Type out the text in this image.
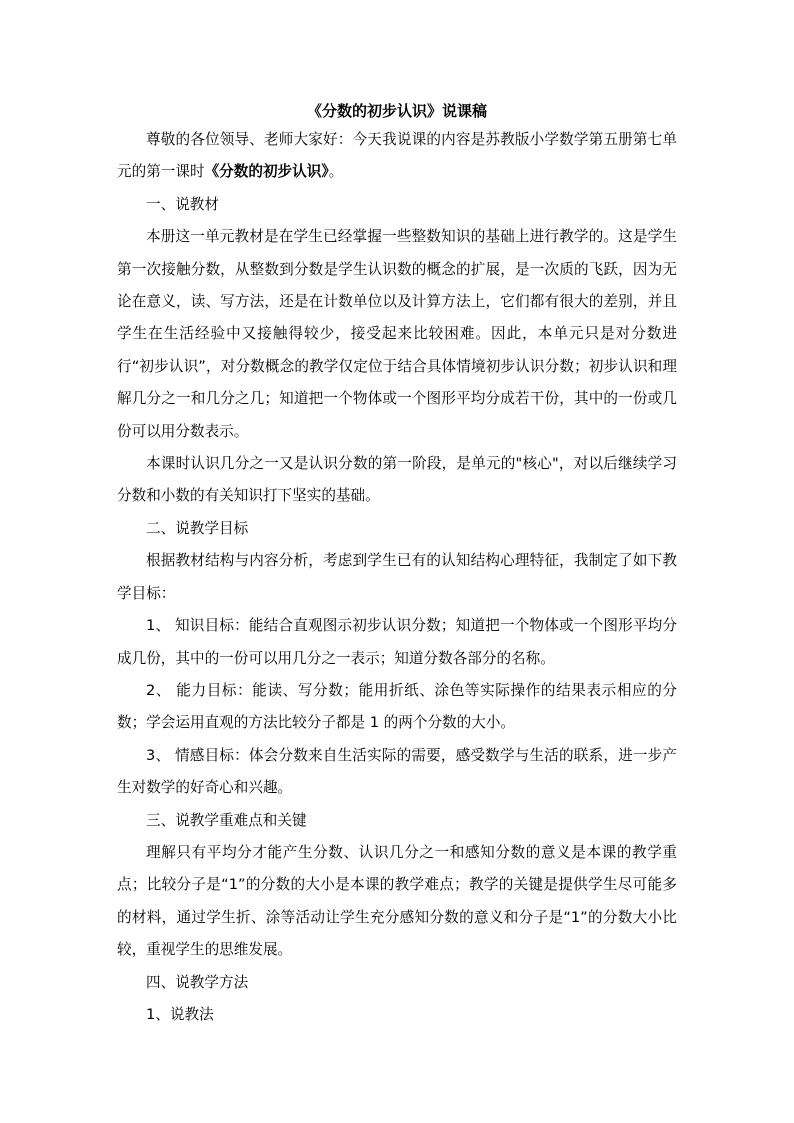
《分数的初步认识》说课稿

尊敬的各位领导、老师大家好：今天我说课的内容是苏教版小学数学第五册第七单元的第一课时《分数的初步认识》。

一、说教材

本册这一单元教材是在学生已经掌握一些整数知识的基础上进行教学的。这是学生第一次接触分数，从整数到分数是学生认识数的概念的扩展，是一次质的飞跃，因为无论在意义，读、写方法，还是在计数单位以及计算方法上，它们都有很大的差别，并且学生在生活经验中又接触得较少，接受起来比较困难。因此，本单元只是对分数进行“初步认识”，对分数概念的教学仅定位于结合具体情境初步认识分数；初步认识和理解几分之一和几分之几；知道把一个物体或一个图形平均分成若干份，其中的一份或几份可以用分数表示。

本课时认识几分之一又是认识分数的第一阶段，是单元的"核心"，对以后继续学习分数和小数的有关知识打下坚实的基础。

二、说教学目标

根据教材结构与内容分析，考虑到学生已有的认知结构心理特征，我制定了如下教学目标：

1、 知识目标：能结合直观图示初步认识分数；知道把一个物体或一个图形平均分成几份，其中的一份可以用几分之一表示；知道分数各部分的名称。

2、 能力目标：能读、写分数；能用折纸、涂色等实际操作的结果表示相应的分数；学会运用直观的方法比较分子都是 1 的两个分数的大小。

3、 情感目标：体会分数来自生活实际的需要，感受数学与生活的联系，进一步产生对数学的好奇心和兴趣。

三、说教学重难点和关键

理解只有平均分才能产生分数、认识几分之一和感知分数的意义是本课的教学重点；比较分子是“1”的分数的大小是本课的教学难点；教学的关键是提供学生尽可能多的材料，通过学生折、涂等活动让学生充分感知分数的意义和分子是“1”的分数大小比较，重视学生的思维发展。

四、说教学方法

1、说教法
